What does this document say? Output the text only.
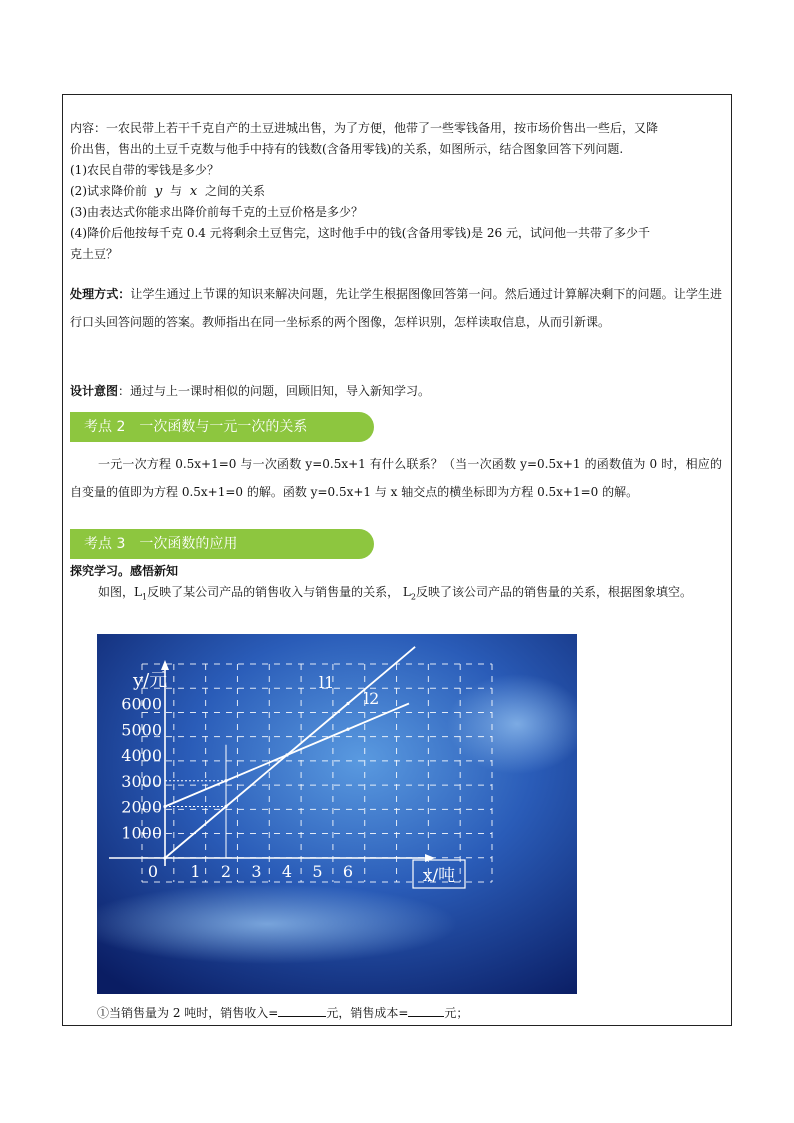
内容：一农民带上若干千克自产的土豆进城出售，为了方便，他带了一些零钱备用，按市场价售出一些后，又降
价出售，售出的土豆千克数与他手中持有的钱数(含备用零钱)的关系，如图所示，结合图象回答下列问题.
(1)农民自带的零钱是多少？
(2)试求降价前 y 与 x 之间的关系
(3)由表达式你能求出降价前每千克的土豆价格是多少？
(4)降价后他按每千克 0.4 元将剩余土豆售完，这时他手中的钱(含备用零钱)是 26 元，试问他一共带了多少千
克土豆？
处理方式：让学生通过上节课的知识来解决问题，先让学生根据图像回答第一问。然后通过计算解决剩下的问题。让学生进行口头回答问题的答案。教师指出在同一坐标系的两个图像，怎样识别，怎样读取信息，从而引新课。
设计意图：通过与上一课时相似的问题，回顾旧知，导入新知学习。
考点 2 一次函数与一元一次的关系
一元一次方程 0.5x+1=0 与一次函数 y=0.5x+1 有什么联系？（当一次函数 y=0.5x+1 的函数值为 0 时，相应的自变量的值即为方程 0.5x+1=0 的解。函数 y=0.5x+1 与 x 轴交点的横坐标即为方程 0.5x+1=0 的解。
考点 3 一次函数的应用
探究学习。感悟新知
如图，$L_1$反映了某公司产品的销售收入与销售量的关系， $L_2$反映了该公司产品的销售量的关系，根据图象填空。
1 2 3 4 5 6
0
1000
2000
3000
4000
5000
6000
y/元
x/吨
l1
l2
①当销售量为 2 吨时，销售收入=	元，销售成本=	元；
